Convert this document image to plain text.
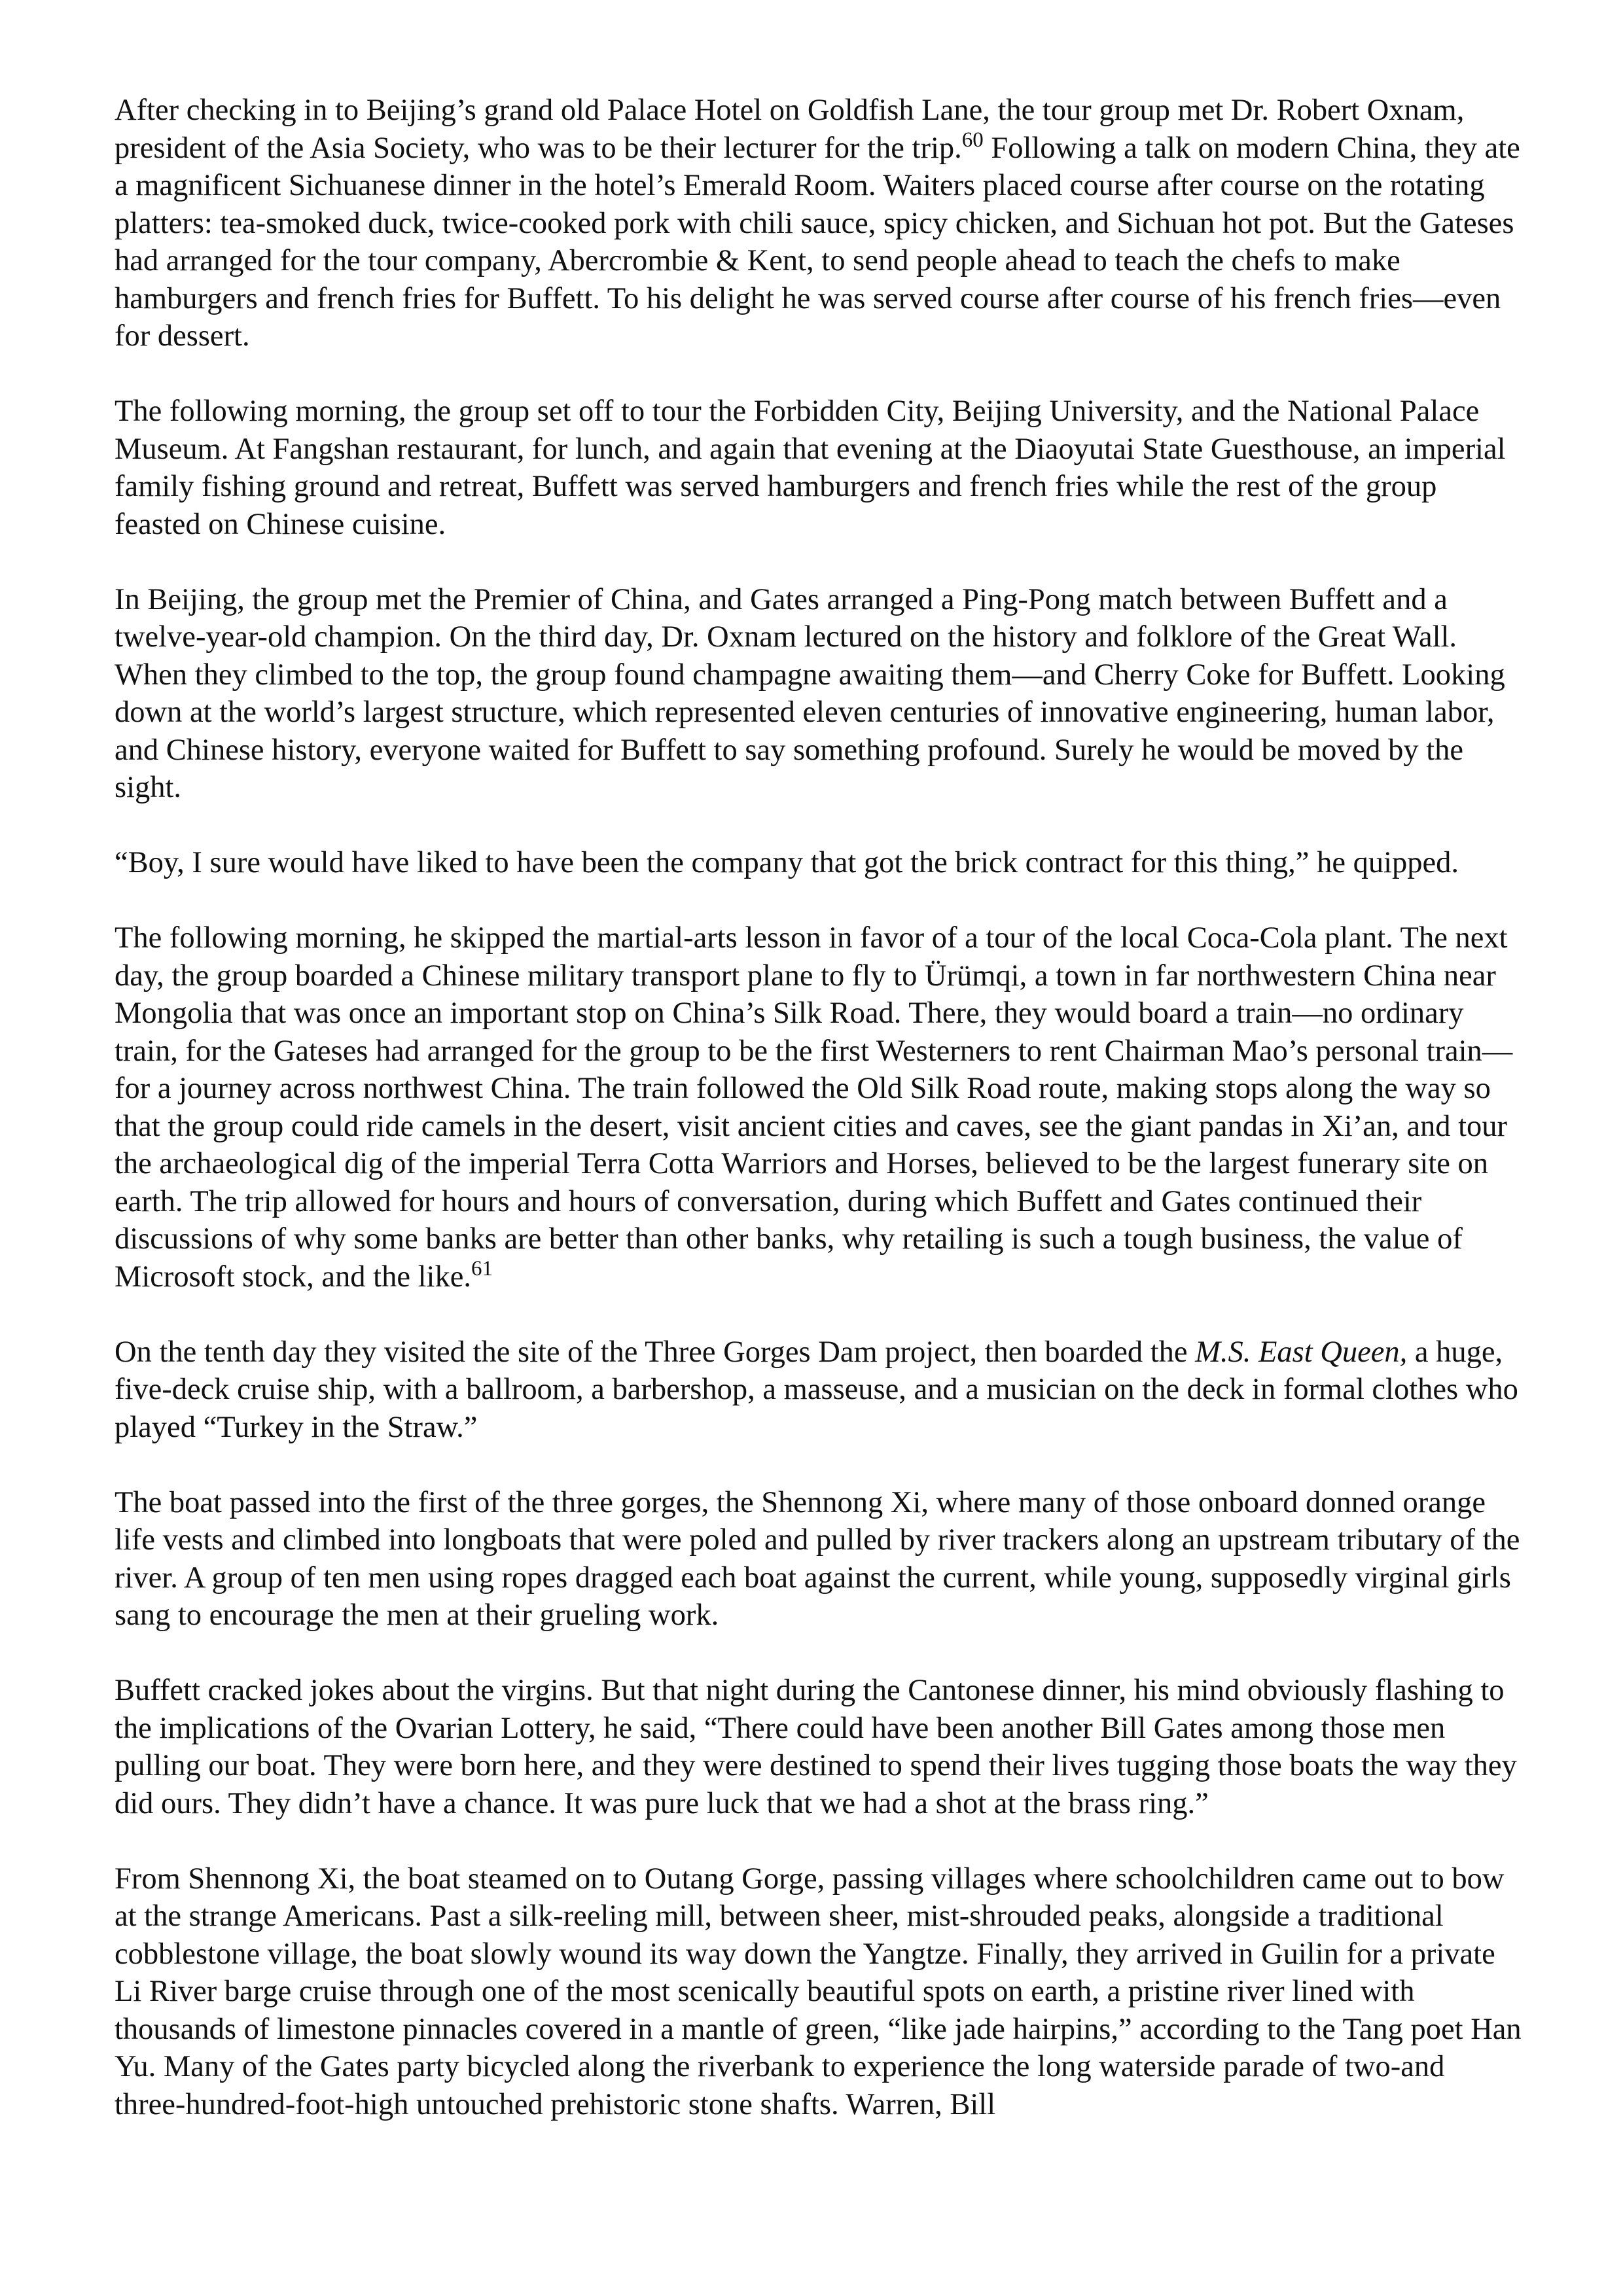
After checking in to Beijing’s grand old Palace Hotel on Goldfish Lane, the tour group met Dr. Robert Oxnam, president of the Asia Society, who was to be their lecturer for the trip.$^{60}$ Following a talk on modern China, they ate a magnificent Sichuanese dinner in the hotel’s Emerald Room. Waiters placed course after course on the rotating platters: tea-smoked duck, twice-cooked pork with chili sauce, spicy chicken, and Sichuan hot pot. But the Gateses had arranged for the tour company, Abercrombie & Kent, to send people ahead to teach the chefs to make hamburgers and french fries for Buffett. To his delight he was served course after course of his french fries—even for dessert.

The following morning, the group set off to tour the Forbidden City, Beijing University, and the National Palace Museum. At Fangshan restaurant, for lunch, and again that evening at the Diaoyutai State Guesthouse, an imperial family fishing ground and retreat, Buffett was served hamburgers and french fries while the rest of the group feasted on Chinese cuisine.

In Beijing, the group met the Premier of China, and Gates arranged a Ping-Pong match between Buffett and a twelve-year-old champion. On the third day, Dr. Oxnam lectured on the history and folklore of the Great Wall. When they climbed to the top, the group found champagne awaiting them—and Cherry Coke for Buffett. Looking down at the world’s largest structure, which represented eleven centuries of innovative engineering, human labor, and Chinese history, everyone waited for Buffett to say something profound. Surely he would be moved by the sight.

“Boy, I sure would have liked to have been the company that got the brick contract for this thing,” he quipped.

The following morning, he skipped the martial-arts lesson in favor of a tour of the local Coca-Cola plant. The next day, the group boarded a Chinese military transport plane to fly to Ürümqi, a town in far northwestern China near Mongolia that was once an important stop on China’s Silk Road. There, they would board a train—no ordinary train, for the Gateses had arranged for the group to be the first Westerners to rent Chairman Mao’s personal train—for a journey across northwest China. The train followed the Old Silk Road route, making stops along the way so that the group could ride camels in the desert, visit ancient cities and caves, see the giant pandas in Xi’an, and tour the archaeological dig of the imperial Terra Cotta Warriors and Horses, believed to be the largest funerary site on earth. The trip allowed for hours and hours of conversation, during which Buffett and Gates continued their discussions of why some banks are better than other banks, why retailing is such a tough business, the value of Microsoft stock, and the like.$^{61}$

On the tenth day they visited the site of the Three Gorges Dam project, then boarded the M.S. East Queen, a huge, five-deck cruise ship, with a ballroom, a barbershop, a masseuse, and a musician on the deck in formal clothes who played “Turkey in the Straw.”

The boat passed into the first of the three gorges, the Shennong Xi, where many of those onboard donned orange life vests and climbed into longboats that were poled and pulled by river trackers along an upstream tributary of the river. A group of ten men using ropes dragged each boat against the current, while young, supposedly virginal girls sang to encourage the men at their grueling work.

Buffett cracked jokes about the virgins. But that night during the Cantonese dinner, his mind obviously flashing to the implications of the Ovarian Lottery, he said, “There could have been another Bill Gates among those men pulling our boat. They were born here, and they were destined to spend their lives tugging those boats the way they did ours. They didn’t have a chance. It was pure luck that we had a shot at the brass ring.”

From Shennong Xi, the boat steamed on to Outang Gorge, passing villages where schoolchildren came out to bow at the strange Americans. Past a silk-reeling mill, between sheer, mist-shrouded peaks, alongside a traditional cobblestone village, the boat slowly wound its way down the Yangtze. Finally, they arrived in Guilin for a private Li River barge cruise through one of the most scenically beautiful spots on earth, a pristine river lined with thousands of limestone pinnacles covered in a mantle of green, “like jade hairpins,” according to the Tang poet Han Yu. Many of the Gates party bicycled along the riverbank to experience the long waterside parade of two-and three-hundred-foot-high untouched prehistoric stone shafts. Warren, Bill
